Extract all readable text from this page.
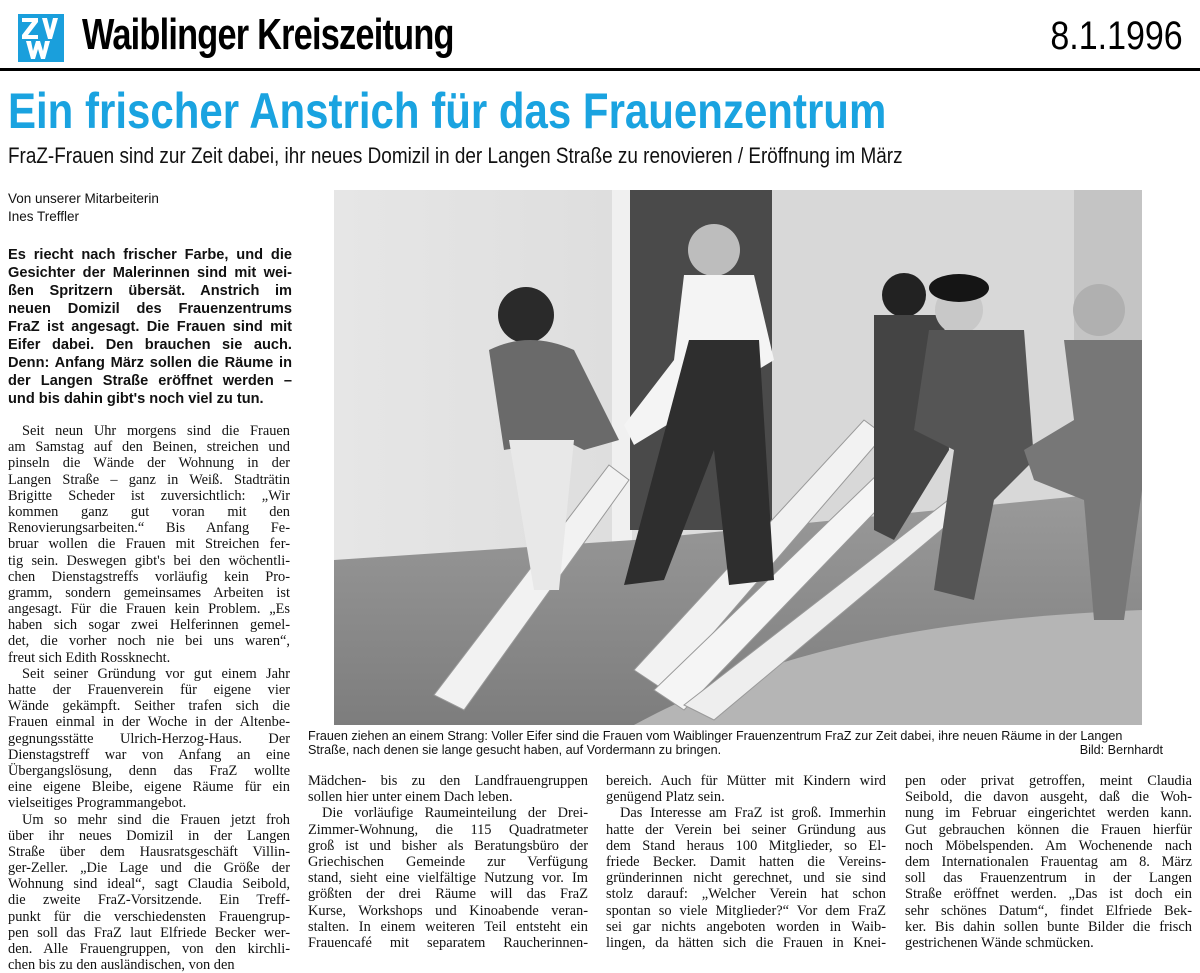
Waiblinger Kreiszeitung	8.1.1996
Ein frischer Anstrich für das Frauenzentrum
FraZ-Frauen sind zur Zeit dabei, ihr neues Domizil in der Langen Straße zu renovieren / Eröffnung im März
Von unserer Mitarbeiterin
Ines Treffler
Es riecht nach frischer Farbe, und die
Gesichter der Malerinnen sind mit wei-
ßen Spritzern übersät. Anstrich im
neuen Domizil des Frauenzentrums
FraZ ist angesagt. Die Frauen sind mit
Eifer dabei. Den brauchen sie auch.
Denn: Anfang März sollen die Räume in
der Langen Straße eröffnet werden –
und bis dahin gibt's noch viel zu tun.
Seit neun Uhr morgens sind die Frauen
am Samstag auf den Beinen, streichen und
pinseln die Wände der Wohnung in der
Langen Straße – ganz in Weiß. Stadträtin
Brigitte Scheder ist zuversichtlich: „Wir
kommen ganz gut voran mit den
Renovierungsarbeiten.“ Bis Anfang Fe-
bruar wollen die Frauen mit Streichen fer-
tig sein. Deswegen gibt's bei den wöchentli-
chen Dienstagstreffs vorläufig kein Pro-
gramm, sondern gemeinsames Arbeiten ist
angesagt. Für die Frauen kein Problem. „Es
haben sich sogar zwei Helferinnen gemel-
det, die vorher noch nie bei uns waren“,
freut sich Edith Rossknecht.
Seit seiner Gründung vor gut einem Jahr
hatte der Frauenverein für eigene vier
Wände gekämpft. Seither trafen sich die
Frauen einmal in der Woche in der Altenbe-
gegnungsstätte Ulrich-Herzog-Haus. Der
Dienstagstreff war von Anfang an eine
Übergangslösung, denn das FraZ wollte
eine eigene Bleibe, eigene Räume für ein
vielseitiges Programmangebot.
Um so mehr sind die Frauen jetzt froh
über ihr neues Domizil in der Langen
Straße über dem Hausratsgeschäft Villin-
ger-Zeller. „Die Lage und die Größe der
Wohnung sind ideal“, sagt Claudia Seibold,
die zweite FraZ-Vorsitzende. Ein Treff-
punkt für die verschiedensten Frauengrup-
pen soll das FraZ laut Elfriede Becker wer-
den. Alle Frauengruppen, von den kirchli-
chen bis zu den ausländischen, von den
Mädchen- bis zu den Landfrauengruppen
sollen hier unter einem Dach leben.
Die vorläufige Raumeinteilung der Drei-
Zimmer-Wohnung, die 115 Quadratmeter
groß ist und bisher als Beratungsbüro der
Griechischen Gemeinde zur Verfügung
stand, sieht eine vielfältige Nutzung vor. Im
größten der drei Räume will das FraZ
Kurse, Workshops und Kinoabende veran-
stalten. In einem weiteren Teil entsteht ein
Frauencafé mit separatem Raucherinnen-
bereich. Auch für Mütter mit Kindern wird
genügend Platz sein.
Das Interesse am FraZ ist groß. Immerhin
hatte der Verein bei seiner Gründung aus
dem Stand heraus 100 Mitglieder, so El-
friede Becker. Damit hatten die Vereins-
gründerinnen nicht gerechnet, und sie sind
stolz darauf: „Welcher Verein hat schon
spontan so viele Mitglieder?“ Vor dem FraZ
sei gar nichts angeboten worden in Waib-
lingen, da hätten sich die Frauen in Knei-
pen oder privat getroffen, meint Claudia
Seibold, die davon ausgeht, daß die Woh-
nung im Februar eingerichtet werden kann.
Gut gebrauchen können die Frauen hierfür
noch Möbelspenden. Am Wochenende nach
dem Internationalen Frauentag am 8. März
soll das Frauenzentrum in der Langen
Straße eröffnet werden. „Das ist doch ein
sehr schönes Datum“, findet Elfriede Bek-
ker. Bis dahin sollen bunte Bilder die frisch
gestrichenen Wände schmücken.
Frauen ziehen an einem Strang: Voller Eifer sind die Frauen vom Waiblinger Frauenzentrum FraZ zur Zeit dabei, ihre neuen Räume in der Langen
Straße, nach denen sie lange gesucht haben, auf Vordermann zu bringen.	Bild: Bernhardt
